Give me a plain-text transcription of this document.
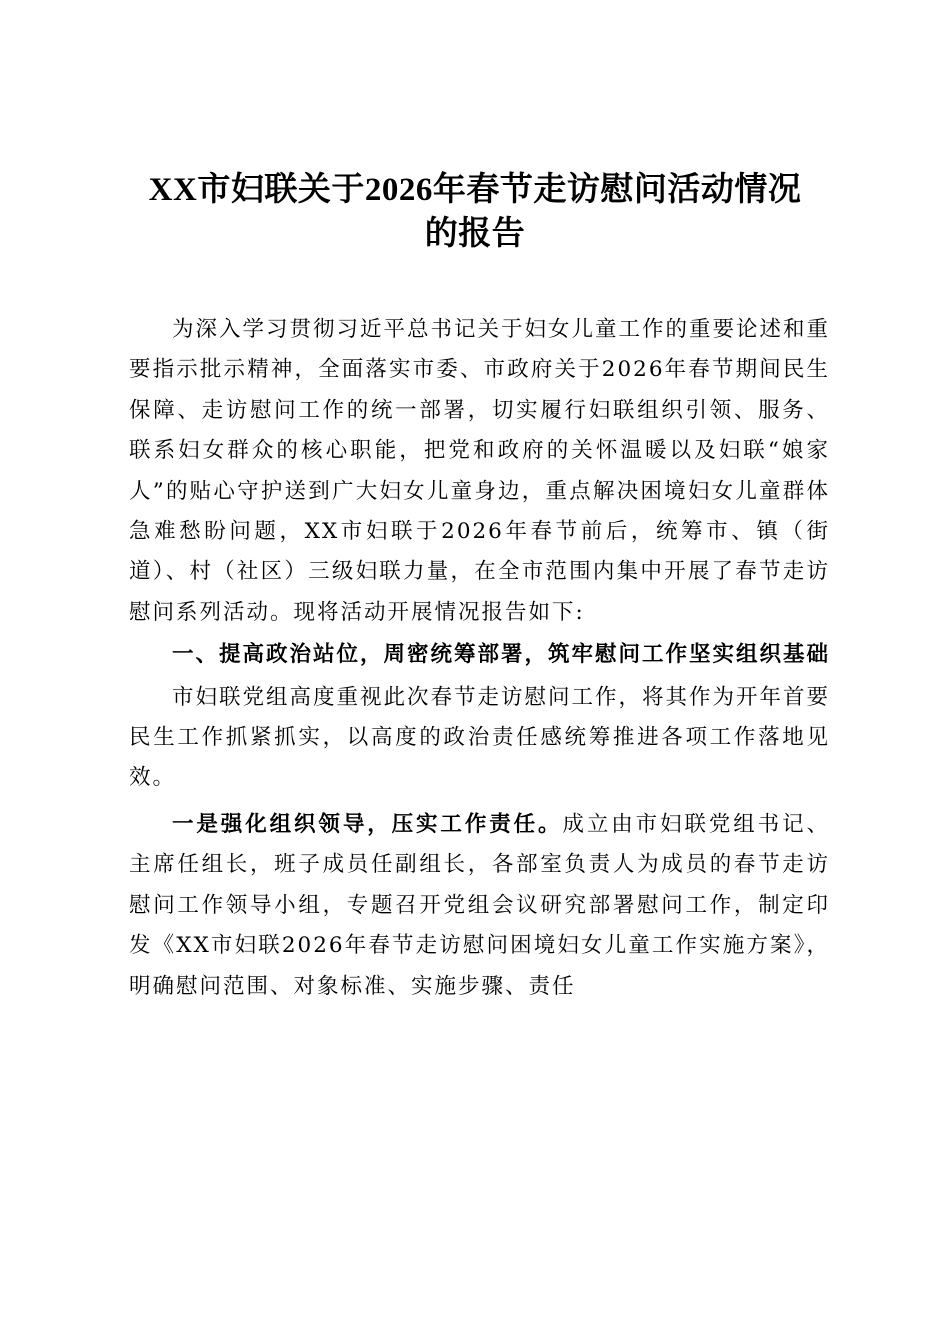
XX市妇联关于2026年春节走访慰问活动情况
的报告

为深入学习贯彻习近平总书记关于妇女儿童工作的重要论述和重要指示批示精神，全面落实市委、市政府关于2026年春节期间民生保障、走访慰问工作的统一部署，切实履行妇联组织引领、服务、联系妇女群众的核心职能，把党和政府的关怀温暖以及妇联“娘家人”的贴心守护送到广大妇女儿童身边，重点解决困境妇女儿童群体急难愁盼问题，XX市妇联于2026年春节前后，统筹市、镇（街道）、村（社区）三级妇联力量，在全市范围内集中开展了春节走访慰问系列活动。现将活动开展情况报告如下:

一、提高政治站位，周密统筹部署，筑牢慰问工作坚实组织基础

市妇联党组高度重视此次春节走访慰问工作，将其作为开年首要民生工作抓紧抓实，以高度的政治责任感统筹推进各项工作落地见效。

一是强化组织领导，压实工作责任。成立由市妇联党组书记、主席任组长，班子成员任副组长，各部室负责人为成员的春节走访慰问工作领导小组，专题召开党组会议研究部署慰问工作，制定印发《XX市妇联2026年春节走访慰问困境妇女儿童工作实施方案》，明确慰问范围、对象标准、实施步骤、责任
